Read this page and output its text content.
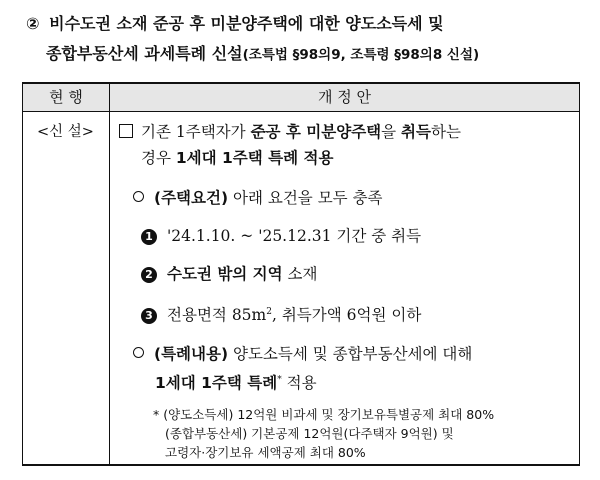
② 비수도권 소재 준공 후 미분양주택에 대한 양도소득세 및
종합부동산세 과세특례 신설(조특법 §98의9, 조특령 §98의8 신설)
현 행	개 정 안
<신 설>	기존 1주택자가 준공 후 미분양주택을 취득하는
경우 1세대 1주택 특례 적용
(주택요건) 아래 요건을 모두 충족
1 '24.1.10. ~ '25.12.31 기간 중 취득
2 수도권 밖의 지역 소재
3 전용면적 $85m^2$, 취득가액 6억원 이하
(특례내용) 양도소득세 및 종합부동산세에 대해
1세대 1주택 특례* 적용
* (양도소득세) 12억원 비과세 및 장기보유특별공제 최대 80%
(종합부동산세) 기본공제 12억원(다주택자 9억원) 및
고령자·장기보유 세액공제 최대 80%
